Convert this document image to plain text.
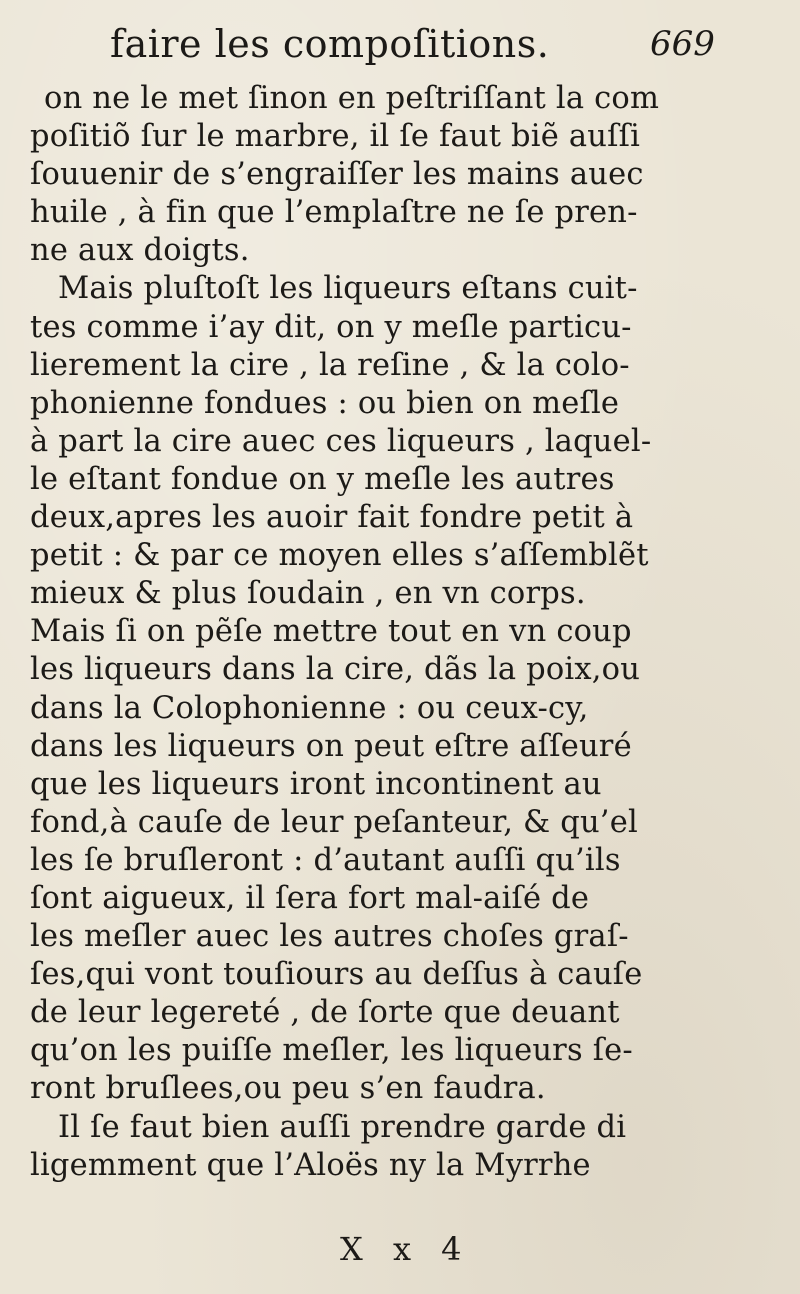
faire les compoſitions.	669
on ne le met ſinon en peſtriſſant la com
poſitiõ ſur le marbre, il ſe faut biẽ auſſi
ſouuenir de s’engraiſſer les mains auec
huile , à fin que l’emplaſtre ne ſe pren-
ne aux doigts.
Mais pluſtoſt les liqueurs eſtans cuit-
tes comme i’ay dit, on y meſle particu-
lierement la cire , la reſine , & la colo-
phonienne fondues : ou bien on meſle
à part la cire auec ces liqueurs , laquel-
le eſtant fondue on y meſle les autres
deux,apres les auoir fait fondre petit à
petit : & par ce moyen elles s’aſſemblẽt
mieux & plus ſoudain , en vn corps.
Mais ſi on pẽſe mettre tout en vn coup
les liqueurs dans la cire, dãs la poix,ou
dans la Colophonienne : ou ceux-cy,
dans les liqueurs on peut eſtre aſſeuré
que les liqueurs iront incontinent au
fond,à cauſe de leur peſanteur, & qu’el
les ſe bruſleront : d’autant auſſi qu’ils
ſont aigueux, il ſera fort mal-aiſé de
les meſler auec les autres choſes graſ-
ſes,qui vont touſiours au deſſus à cauſe
de leur legereté , de ſorte que deuant
qu’on les puiſſe meſler, les liqueurs ſe-
ront bruſlees,ou peu s’en faudra.
Il ſe faut bien auſſi prendre garde di
ligemment que l’Aloës ny la Myrrhe
X x 4
